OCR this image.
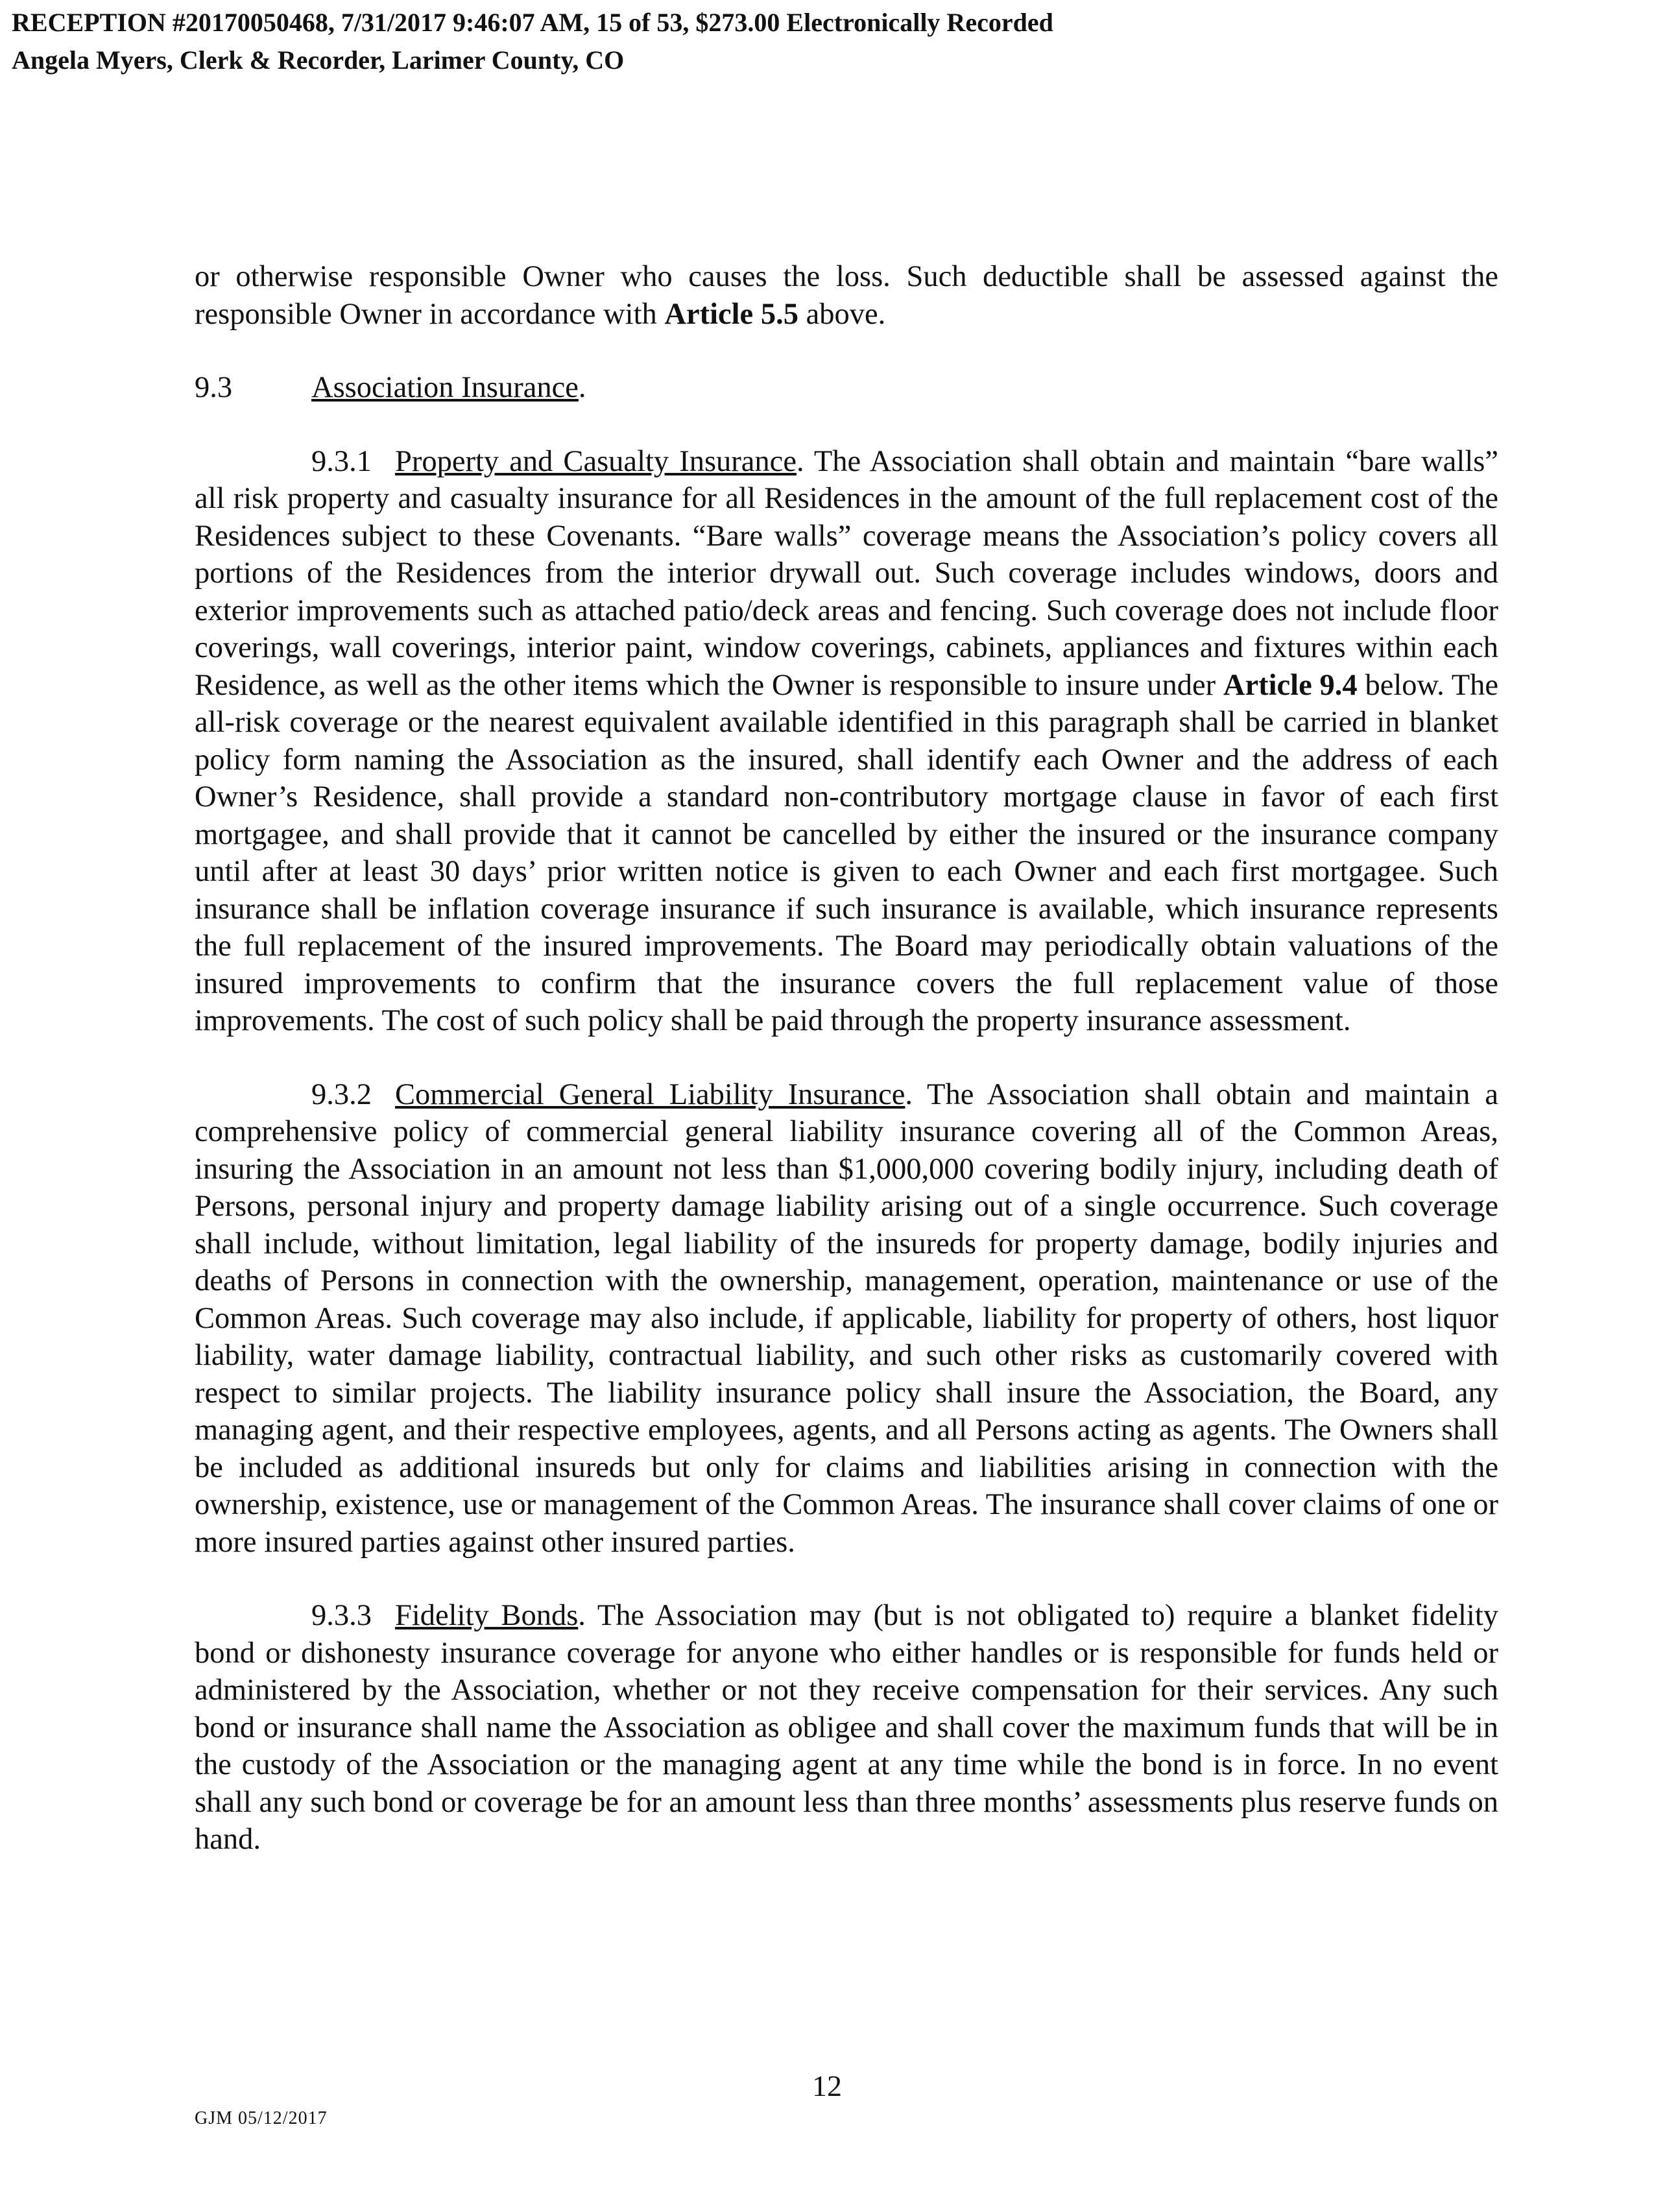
RECEPTION #20170050468, 7/31/2017 9:46:07 AM, 15 of 53, $273.00 Electronically Recorded
Angela Myers, Clerk & Recorder, Larimer County, CO

or otherwise responsible Owner who causes the loss. Such deductible shall be assessed against the responsible Owner in accordance with Article 5.5 above.

9.3	Association Insurance.

9.3.1 Property and Casualty Insurance. The Association shall obtain and maintain “bare walls” all risk property and casualty insurance for all Residences in the amount of the full replacement cost of the Residences subject to these Covenants. “Bare walls” coverage means the Association’s policy covers all portions of the Residences from the interior drywall out. Such coverage includes windows, doors and exterior improvements such as attached patio/deck areas and fencing. Such coverage does not include floor coverings, wall coverings, interior paint, window coverings, cabinets, appliances and fixtures within each Residence, as well as the other items which the Owner is responsible to insure under Article 9.4 below. The all-risk coverage or the nearest equivalent available identified in this paragraph shall be carried in blanket policy form naming the Association as the insured, shall identify each Owner and the address of each Owner’s Residence, shall provide a standard non-contributory mortgage clause in favor of each first mortgagee, and shall provide that it cannot be cancelled by either the insured or the insurance company until after at least 30 days’ prior written notice is given to each Owner and each first mortgagee. Such insurance shall be inflation coverage insurance if such insurance is available, which insurance represents the full replacement of the insured improvements. The Board may periodically obtain valuations of the insured improvements to confirm that the insurance covers the full replacement value of those improvements. The cost of such policy shall be paid through the property insurance assessment.

9.3.2 Commercial General Liability Insurance. The Association shall obtain and maintain a comprehensive policy of commercial general liability insurance covering all of the Common Areas, insuring the Association in an amount not less than $1,000,000 covering bodily injury, including death of Persons, personal injury and property damage liability arising out of a single occurrence. Such coverage shall include, without limitation, legal liability of the insureds for property damage, bodily injuries and deaths of Persons in connection with the ownership, management, operation, maintenance or use of the Common Areas. Such coverage may also include, if applicable, liability for property of others, host liquor liability, water damage liability, contractual liability, and such other risks as customarily covered with respect to similar projects. The liability insurance policy shall insure the Association, the Board, any managing agent, and their respective employees, agents, and all Persons acting as agents. The Owners shall be included as additional insureds but only for claims and liabilities arising in connection with the ownership, existence, use or management of the Common Areas. The insurance shall cover claims of one or more insured parties against other insured parties.

9.3.3 Fidelity Bonds. The Association may (but is not obligated to) require a blanket fidelity bond or dishonesty insurance coverage for anyone who either handles or is responsible for funds held or administered by the Association, whether or not they receive compensation for their services. Any such bond or insurance shall name the Association as obligee and shall cover the maximum funds that will be in the custody of the Association or the managing agent at any time while the bond is in force. In no event shall any such bond or coverage be for an amount less than three months’ assessments plus reserve funds on hand.

12
GJM 05/12/2017
